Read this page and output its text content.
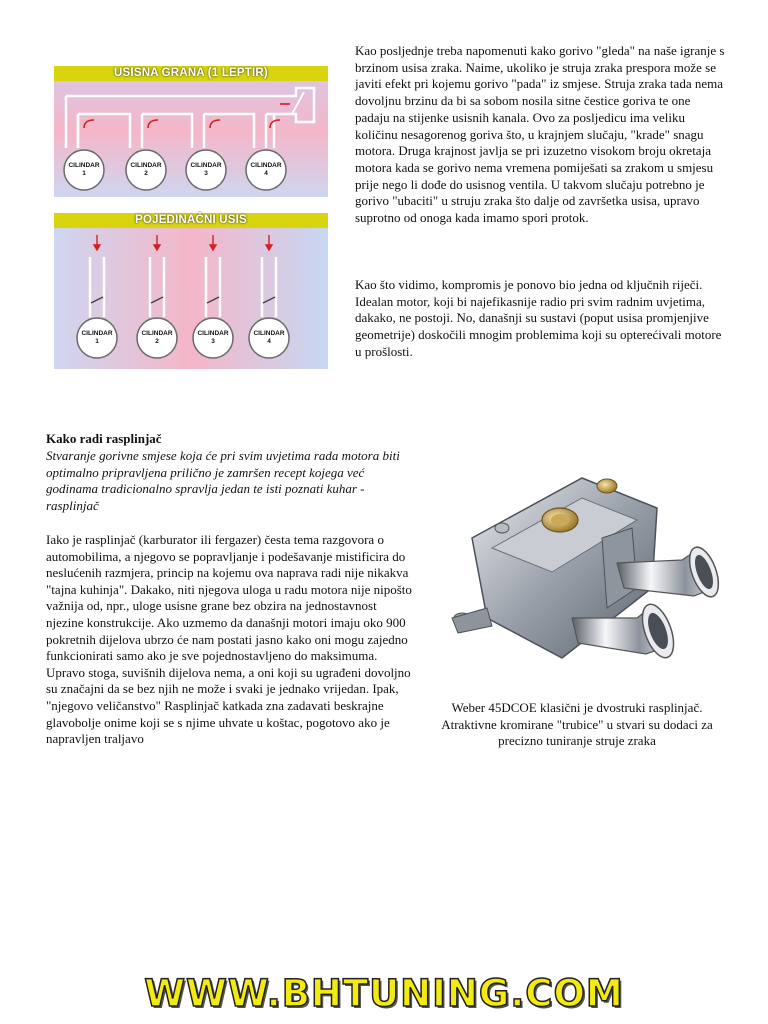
USISNA GRANA (1 LEPTIR)
CILINDAR
1
CILINDAR
2
CILINDAR
3
CILINDAR
4
POJEDINAČNI USIS
CILINDAR
1
CILINDAR
2
CILINDAR
3
CILINDAR
4

Kao posljednje treba napomenuti kako gorivo "gleda" na naše igranje s brzinom usisa zraka. Naime, ukoliko je struja zraka prespora može se javiti efekt pri kojemu gorivo "pada" iz smjese. Struja zraka tada nema dovoljnu brzinu da bi sa sobom nosila sitne čestice goriva te one padaju na stijenke usisnih kanala. Ovo za posljedicu ima veliku količinu nesagorenog goriva što, u krajnjem slučaju, "krade" snagu motora. Druga krajnost javlja se pri izuzetno visokom broju okretaja motora kada se gorivo nema vremena pomiješati sa zrakom u smjesu prije nego li dođe do usisnog ventila. U takvom slučaju potrebno je gorivo "ubaciti" u struju zraka što dalje od završetka usisa, upravo suprotno od onoga kada imamo spori protok.

Kao što vidimo, kompromis je ponovo bio jedna od ključnih riječi. Idealan motor, koji bi najefikasnije radio pri svim radnim uvjetima, dakako, ne postoji. No, današnji su sustavi (poput usisa promjenjive geometrije) doskočili mnogim problemima koji su opterećivali motore u prošlosti.

Kako radi rasplinjač

Stvaranje gorivne smjese koja će pri svim uvjetima rada motora biti optimalno pripravljena prilično je zamršen recept kojega već godinama tradicionalno spravlja jedan te isti poznati kuhar - rasplinjač

Iako je rasplinjač (karburator ili fergazer) česta tema razgovora o automobilima, a njegovo se popravljanje i podešavanje mistificira do neslućenih razmjera, princip na kojemu ova naprava radi nije nikakva "tajna kuhinja". Dakako, niti njegova uloga u radu motora nije nipošto važnija od, npr., uloge usisne grane bez obzira na jednostavnost njezine konstrukcije. Ako uzmemo da današnji motori imaju oko 900 pokretnih dijelova ubrzo će nam postati jasno kako oni mogu zajedno funkcionirati samo ako je sve pojednostavljeno do maksimuma. Upravo stoga, suvišnih dijelova nema, a oni koji su ugrađeni dovoljno su značajni da se bez njih ne može i svaki je jednako vrijedan. Ipak, "njegovo veličanstvo" Rasplinjač katkada zna zadavati beskrajne glavobolje onime koji se s njime uhvate u koštac, pogotovo ako je napravljen traljavo

Weber 45DCOE klasični je dvostruki rasplinjač. Atraktivne kromirane "trubice" u stvari su dodaci za precizno tuniranje struje zraka

WWW.BHTUNING.COM
